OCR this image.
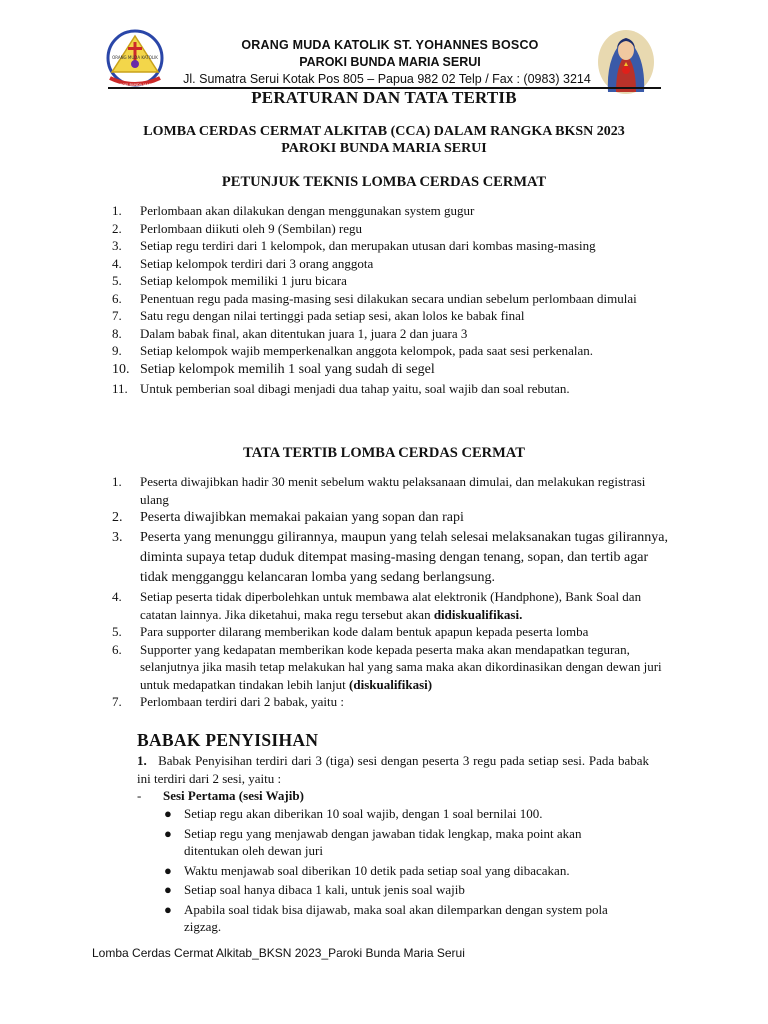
ORANG MUDA KATOLIK
PAROKI BUNDA MARIA
ORANG MUDA KATOLIK ST. YOHANNES BOSCO
PAROKI BUNDA MARIA SERUI
Jl. Sumatra Serui Kotak Pos 805 – Papua 982 02 Telp / Fax : (0983) 3214
PERATURAN DAN TATA TERTIB
LOMBA CERDAS CERMAT ALKITAB (CCA) DALAM RANGKA BKSN 2023
PAROKI BUNDA MARIA SERUI
PETUNJUK TEKNIS LOMBA CERDAS CERMAT
1.	Perlombaan akan dilakukan dengan menggunakan system gugur
2.	Perlombaan diikuti oleh 9 (Sembilan) regu
3.	Setiap regu terdiri dari 1 kelompok, dan merupakan utusan dari kombas masing-masing
4.	Setiap kelompok terdiri dari 3 orang anggota
5.	Setiap kelompok memiliki 1 juru bicara
6.	Penentuan regu pada masing-masing sesi dilakukan secara undian sebelum perlombaan dimulai
7.	Satu regu dengan nilai tertinggi pada setiap sesi, akan lolos ke babak final
8.	Dalam babak final, akan ditentukan juara 1, juara 2 dan juara 3
9.	Setiap kelompok wajib memperkenalkan anggota kelompok, pada saat sesi perkenalan.
10. Setiap kelompok memilih 1 soal yang sudah di segel
11. Untuk pemberian soal dibagi menjadi dua tahap yaitu, soal wajib dan soal rebutan.
TATA TERTIB LOMBA CERDAS CERMAT
1.	Peserta diwajibkan hadir 30 menit sebelum waktu pelaksanaan dimulai, dan melakukan registrasi ulang
2.	Peserta diwajibkan memakai pakaian yang sopan dan rapi
3.	Peserta yang menunggu gilirannya, maupun yang telah selesai melaksanakan tugas gilirannya, diminta supaya tetap duduk ditempat masing-masing dengan tenang, sopan, dan tertib agar tidak mengganggu kelancaran lomba yang sedang berlangsung.
4.	Setiap peserta tidak diperbolehkan untuk membawa alat elektronik (Handphone), Bank Soal dan catatan lainnya. Jika diketahui, maka regu tersebut akan didiskualifikasi.
5.	Para supporter dilarang memberikan kode dalam bentuk apapun kepada peserta lomba
6.	Supporter yang kedapatan memberikan kode kepada peserta maka akan mendapatkan teguran, selanjutnya jika masih tetap melakukan hal yang sama maka akan dikordinasikan dengan dewan juri untuk medapatkan tindakan lebih lanjut (diskualifikasi)
7.	Perlombaan terdiri dari 2 babak, yaitu :
BABAK PENYISIHAN
1. Babak Penyisihan terdiri dari 3 (tiga) sesi dengan peserta 3 regu pada setiap sesi. Pada babak ini terdiri dari 2 sesi, yaitu :
- Sesi Pertama (sesi Wajib)
● Setiap regu akan diberikan 10 soal wajib, dengan 1 soal bernilai 100.
● Setiap regu yang menjawab dengan jawaban tidak lengkap, maka point akan ditentukan oleh dewan juri
● Waktu menjawab soal diberikan 10 detik pada setiap soal yang dibacakan.
● Setiap soal hanya dibaca 1 kali, untuk jenis soal wajib
● Apabila soal tidak bisa dijawab, maka soal akan dilemparkan dengan system pola zigzag.
Lomba Cerdas Cermat Alkitab_BKSN 2023_Paroki Bunda Maria Serui
